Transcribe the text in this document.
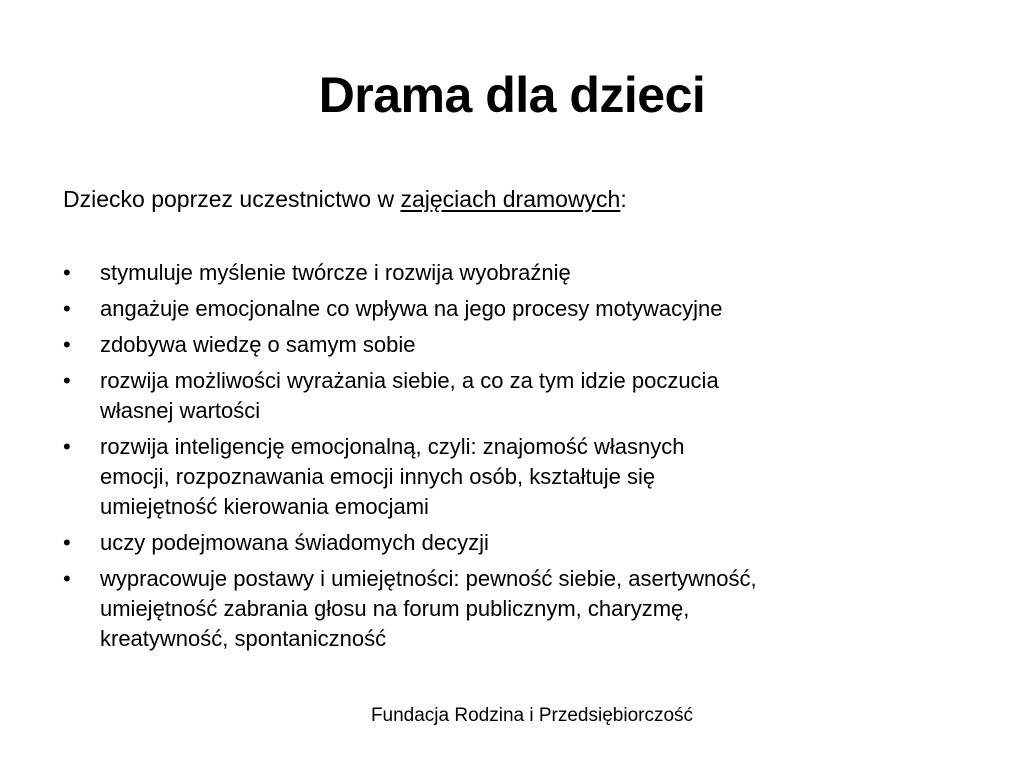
Drama dla dzieci
Dziecko poprzez uczestnictwo w zajęciach dramowych:
•	stymuluje myślenie twórcze i rozwija wyobraźnię
•	angażuje emocjonalne co wpływa na jego procesy motywacyjne
•	zdobywa wiedzę o samym sobie
•	rozwija możliwości wyrażania siebie, a co za tym idzie poczucia
własnej wartości
•	rozwija inteligencję emocjonalną, czyli: znajomość własnych
emocji, rozpoznawania emocji innych osób, kształtuje się
umiejętność kierowania emocjami
•	uczy podejmowana świadomych decyzji
•	wypracowuje postawy i umiejętności: pewność siebie, asertywność,
umiejętność zabrania głosu na forum publicznym, charyzmę,
kreatywność, spontaniczność
Fundacja Rodzina i Przedsiębiorczość
